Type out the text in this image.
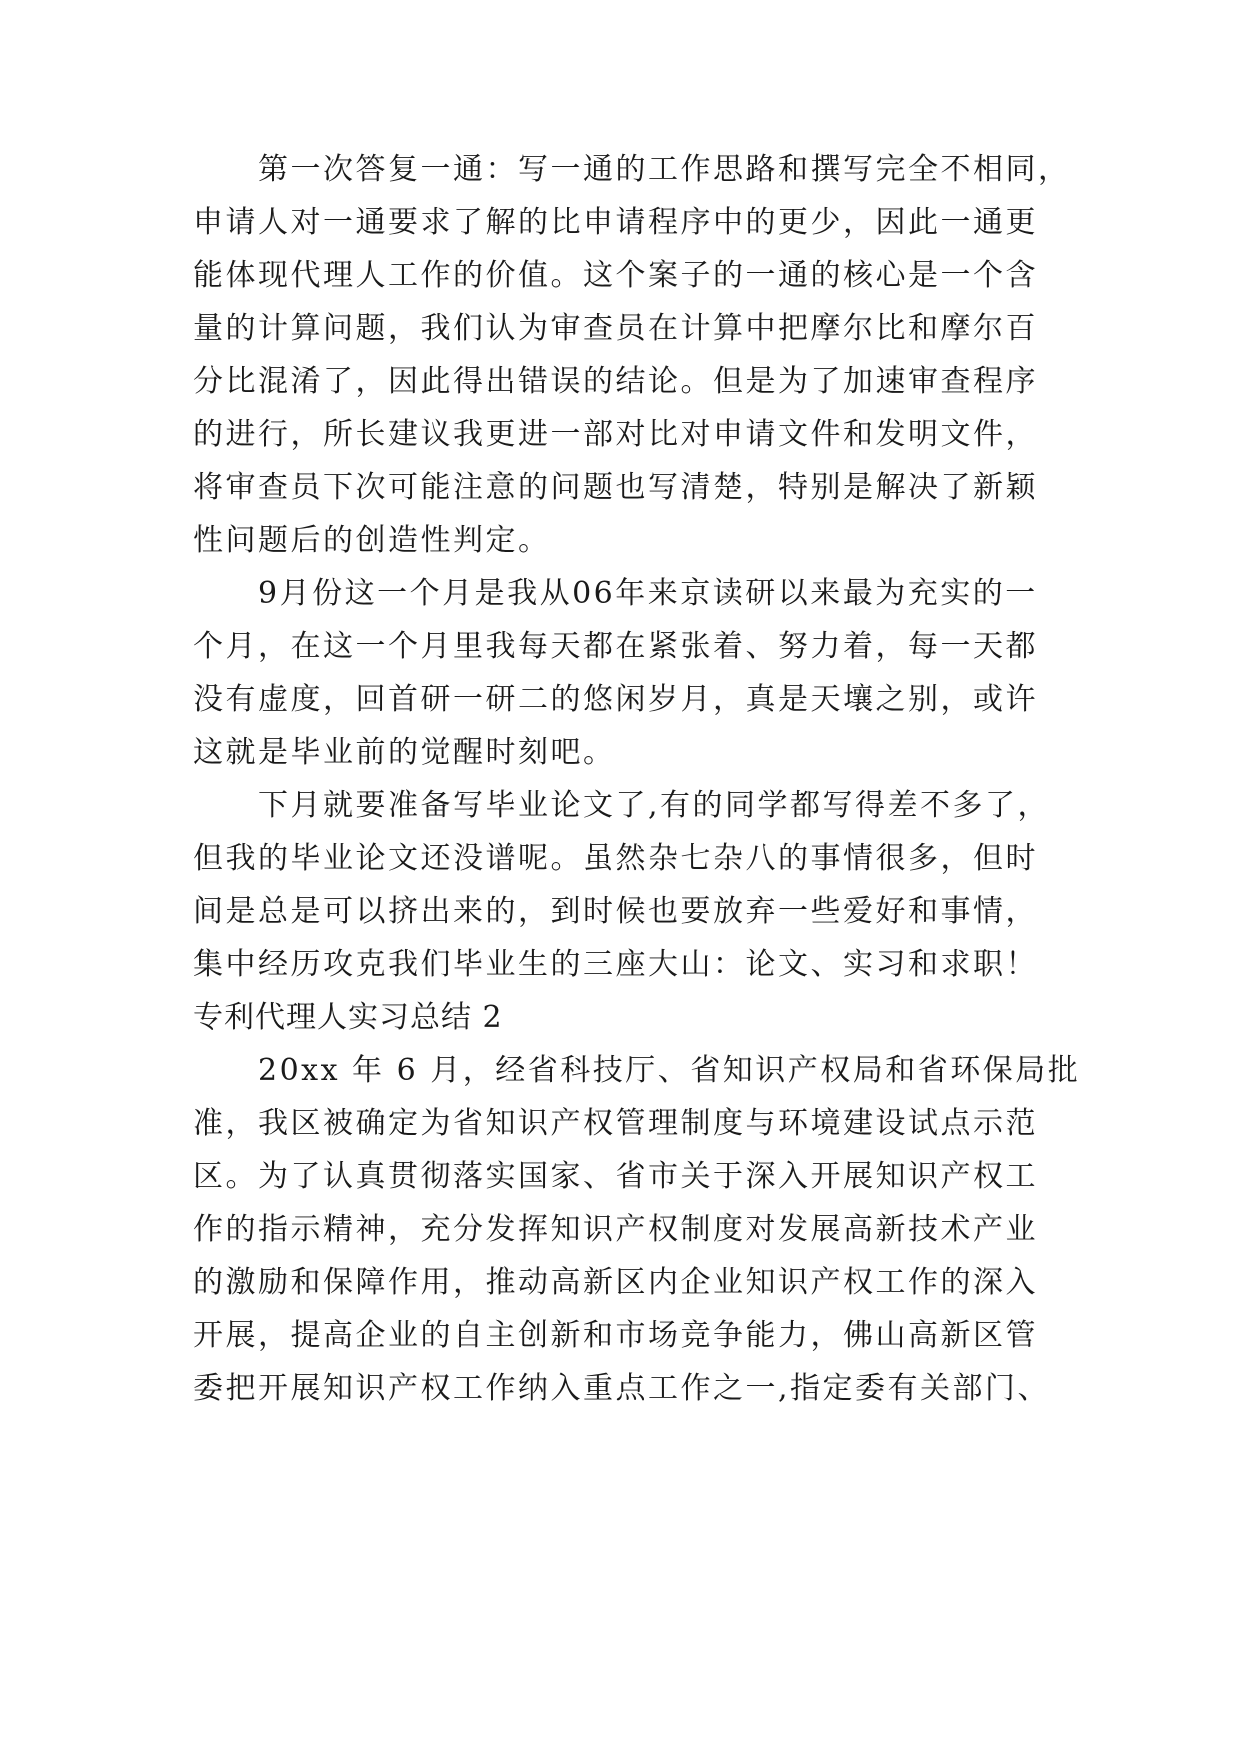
第一次答复一通：写一通的工作思路和撰写完全不相同，
申请人对一通要求了解的比申请程序中的更少，因此一通更
能体现代理人工作的价值。这个案子的一通的核心是一个含
量的计算问题，我们认为审查员在计算中把摩尔比和摩尔百
分比混淆了，因此得出错误的结论。但是为了加速审查程序
的进行，所长建议我更进一部对比对申请文件和发明文件，
将审查员下次可能注意的问题也写清楚，特别是解决了新颖
性问题后的创造性判定。
9月份这一个月是我从06年来京读研以来最为充实的一
个月，在这一个月里我每天都在紧张着、努力着，每一天都
没有虚度，回首研一研二的悠闲岁月，真是天壤之别，或许
这就是毕业前的觉醒时刻吧。
下月就要准备写毕业论文了,有的同学都写得差不多了，
但我的毕业论文还没谱呢。虽然杂七杂八的事情很多，但时
间是总是可以挤出来的，到时候也要放弃一些爱好和事情，
集中经历攻克我们毕业生的三座大山：论文、实习和求职！
专利代理人实习总结 2
20xx 年 6 月，经省科技厅、省知识产权局和省环保局批
准，我区被确定为省知识产权管理制度与环境建设试点示范
区。为了认真贯彻落实国家、省市关于深入开展知识产权工
作的指示精神，充分发挥知识产权制度对发展高新技术产业
的激励和保障作用，推动高新区内企业知识产权工作的深入
开展，提高企业的自主创新和市场竞争能力，佛山高新区管
委把开展知识产权工作纳入重点工作之一,指定委有关部门、
